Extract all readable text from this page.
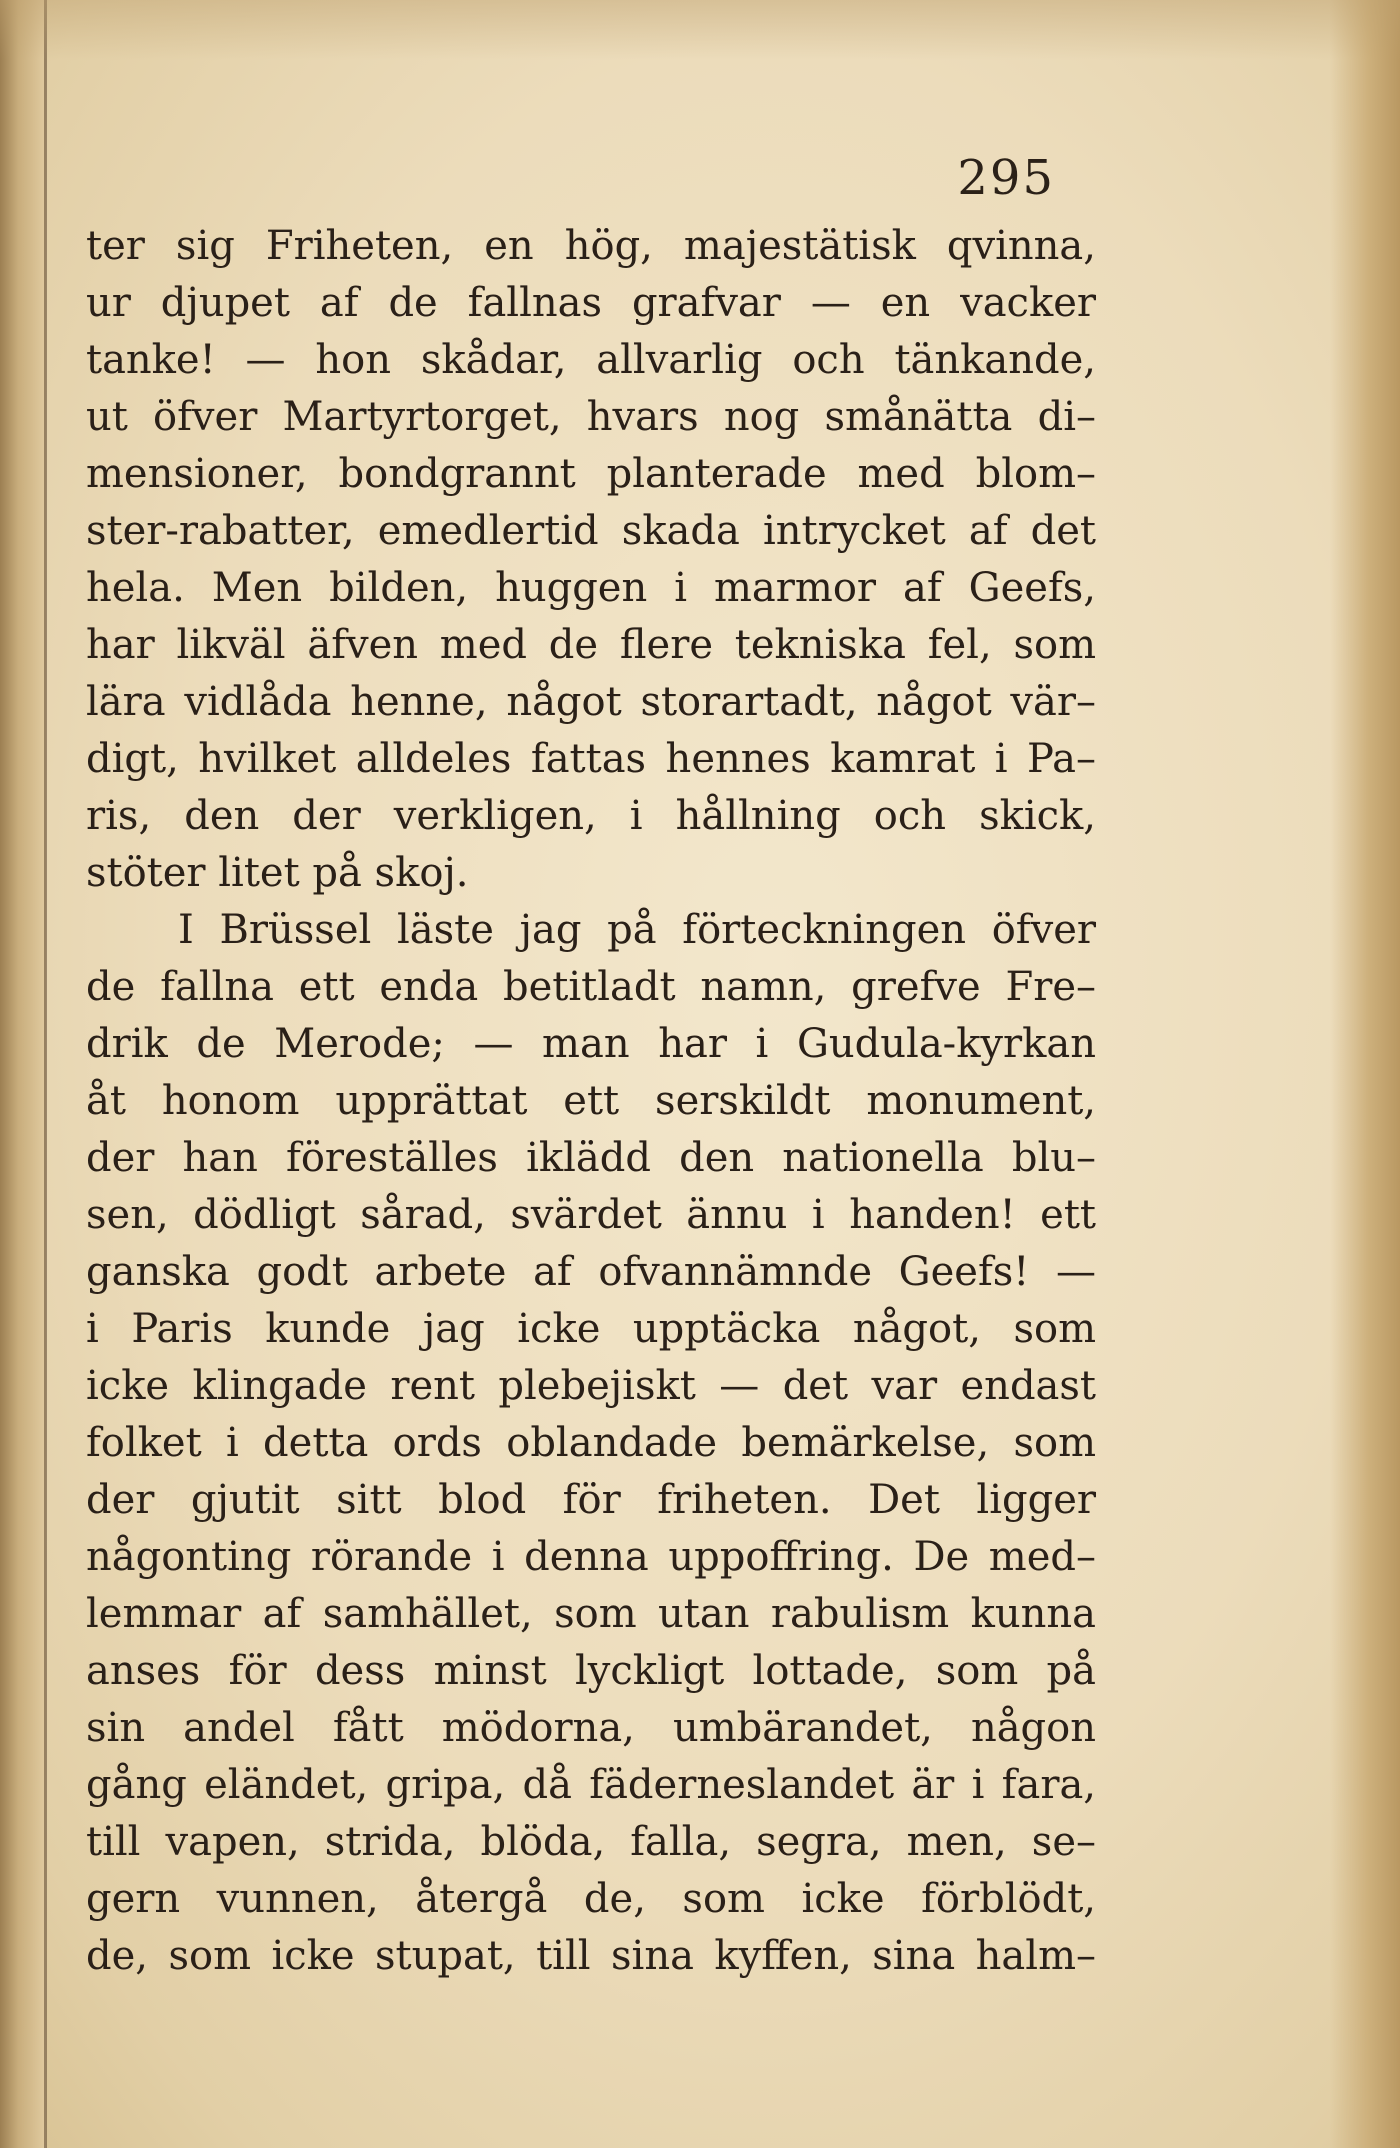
295
ter sig Friheten, en hög, majestätisk qvinna,
ur djupet af de fallnas grafvar — en vacker
tanke! — hon skådar, allvarlig och tänkande,
ut öfver Martyrtorget, hvars nog smånätta di–
mensioner, bondgrannt planterade med blom–
ster-rabatter, emedlertid skada intrycket af det
hela. Men bilden, huggen i marmor af Geefs,
har likväl äfven med de flere tekniska fel, som
lära vidlåda henne, något storartadt, något vär–
digt, hvilket alldeles fattas hennes kamrat i Pa–
ris, den der verkligen, i hållning och skick,
stöter litet på skoj.
I Brüssel läste jag på förteckningen öfver
de fallna ett enda betitladt namn, grefve Fre–
drik de Merode; — man har i Gudula-kyrkan
åt honom upprättat ett serskildt monument,
der han föreställes iklädd den nationella blu–
sen, dödligt sårad, svärdet ännu i handen! ett
ganska godt arbete af ofvannämnde Geefs! —
i Paris kunde jag icke upptäcka något, som
icke klingade rent plebejiskt — det var endast
folket i detta ords oblandade bemärkelse, som
der gjutit sitt blod för friheten. Det ligger
någonting rörande i denna uppoffring. De med–
lemmar af samhället, som utan rabulism kunna
anses för dess minst lyckligt lottade, som på
sin andel fått mödorna, umbärandet, någon
gång eländet, gripa, då fäderneslandet är i fara,
till vapen, strida, blöda, falla, segra, men, se–
gern vunnen, återgå de, som icke förblödt,
de, som icke stupat, till sina kyffen, sina halm–
